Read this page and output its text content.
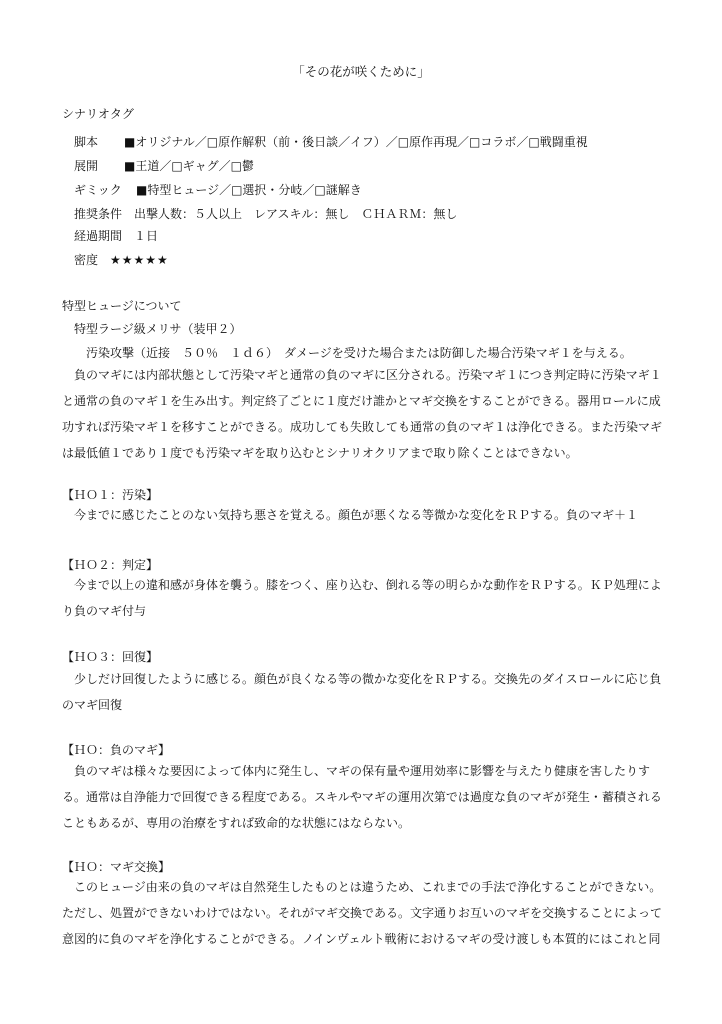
「その花が咲くために」
シナリオタグ
脚本 ■オリジナル／□原作解釈（前・後日談／イフ）／□原作再現／□コラボ／□戦闘重視
展開 ■王道／□ギャグ／□鬱
ギミック ■特型ヒュージ／□選択・分岐／□謎解き
推奨条件 出撃人数：５人以上　レアスキル：無し　ＣＨＡＲＭ：無し
経過期間 １日
密度 ★★★★★
特型ヒュージについて
特型ラージ級メリサ（装甲２）
汚染攻撃（近接　５０％　１ｄ６）　ダメージを受けた場合または防御した場合汚染マギ１を与える。
　負のマギには内部状態として汚染マギと通常の負のマギに区分される。汚染マギ１につき判定時に汚染マギ１と通常の負のマギ１を生み出す。判定終了ごとに１度だけ誰かとマギ交換をすることができる。器用ロールに成功すれば汚染マギ１を移すことができる。成功しても失敗しても通常の負のマギ１は浄化できる。また汚染マギは最低値１であり１度でも汚染マギを取り込むとシナリオクリアまで取り除くことはできない。
【ＨＯ１：汚染】
　今までに感じたことのない気持ち悪さを覚える。顔色が悪くなる等微かな変化をＲＰする。負のマギ＋１
【ＨＯ２：判定】
　今まで以上の違和感が身体を襲う。膝をつく、座り込む、倒れる等の明らかな動作をＲＰする。ＫＰ処理により負のマギ付与
【ＨＯ３：回復】
　少しだけ回復したように感じる。顔色が良くなる等の微かな変化をＲＰする。交換先のダイスロールに応じ負のマギ回復
【ＨＯ：負のマギ】
　負のマギは様々な要因によって体内に発生し、マギの保有量や運用効率に影響を与えたり健康を害したりする。通常は自浄能力で回復できる程度である。スキルやマギの運用次第では過度な負のマギが発生・蓄積されることもあるが、専用の治療をすれば致命的な状態にはならない。
【ＨＯ：マギ交換】
　このヒュージ由来の負のマギは自然発生したものとは違うため、これまでの手法で浄化することができない。ただし、処置ができないわけではない。それがマギ交換である。文字通りお互いのマギを交換することによって意図的に負のマギを浄化することができる。ノインヴェルト戦術におけるマギの受け渡しも本質的にはこれと同
